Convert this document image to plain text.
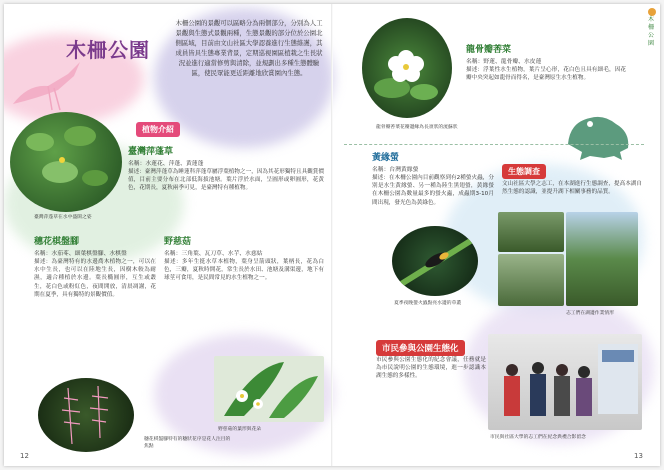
木柵公園
木柵公園的景觀可以區略分為兩個部分，分別為人工景觀與生態式景觀兩種，生態景觀的部分位於公園北側區域，目前由文山社區大學認養進行生態維護，其成員皆具生態專業背景，定期巡視園區植栽之生長狀況並進行適當修剪與清除，並規劃出多種生態體驗區，使民眾能更近距離地欣賞園內生態。
植物介紹
臺灣萍蓬草在水中盛開之姿
臺灣萍蓬草
名稱：水蓮花、萍蓬、黃蓮蓬
描述：臺灣萍蓬草為睡蓮科萍蓬草屬浮葉植物之一，因為其花形獨特且具觀賞價值，目前主要分布在北部低海拔池塘。葉片浮於水面，呈圓形或卵圓形，花黃色，花期長，夏秋兩季可見，是臺灣特有種植物。
穗花棋盤腳
名稱：水茄苳、細葉棋盤腳、水棋盤
描述：為臺灣特有的水邊喬木植物之一，可以在水中生長，也可以在陸地生長，因樹木較為耐濕，適合種植於水邊。葉長橢圓形，互生或叢生，花白色或粉紅色，夜間開放，清晨凋謝，花期在夏季，具有獨特的景觀價值。
野慈菇
名稱：三角葉、瓦刀草、水芋、水慈姑
描述：多年生挺水草本植物，葉身呈箭頭狀，葉柄長，花為白色，三瓣，夏秋時開花，常生長於水田、池塘及溝渠邊，地下有球莖可食用，是民間常見的水生植物之一。
野慈菇的葉形與花朵
穗花棋盤腳特有的穗狀花序是花人注目的焦點
12
木柵公園
龍骨瓣莕菜花瓣邊緣為長須狀的流蘇狀
龍骨瓣莕菜
名稱：野蓮、龍骨瓣、水皮蓮
描述：浮葉性水生植物，葉片呈心形，花白色且具有細毛，因花瓣中央突起如龍骨而得名，是臺灣原生水生植物。
黃緣螢
名稱：台灣黃緣螢
描述：在木柵公園內目前觀察到有2種螢火蟲，分別是水生黃緣螢、另一種為陸生黑翅螢，黃緣螢在木柵公園為數量最多的螢火蟲，成蟲期3-10月間出現，發光色為黃綠色。
夏季夜晚螢火蟲點亮水邊的草叢
生態調查
文山社區大學之志工，在本湖進行生態調查，提高本湖自然生態的認識，並提升湖下相關事務的品質。
志工們在湖邊作業情形
市民參與公園生態化
市民參與公園生態化的紀念會議，任務就是為市民說明公園的生態環境，進一步認識本湖生態的多樣性。
市民與社區大學的志工們在紀念典禮合影留念
13
